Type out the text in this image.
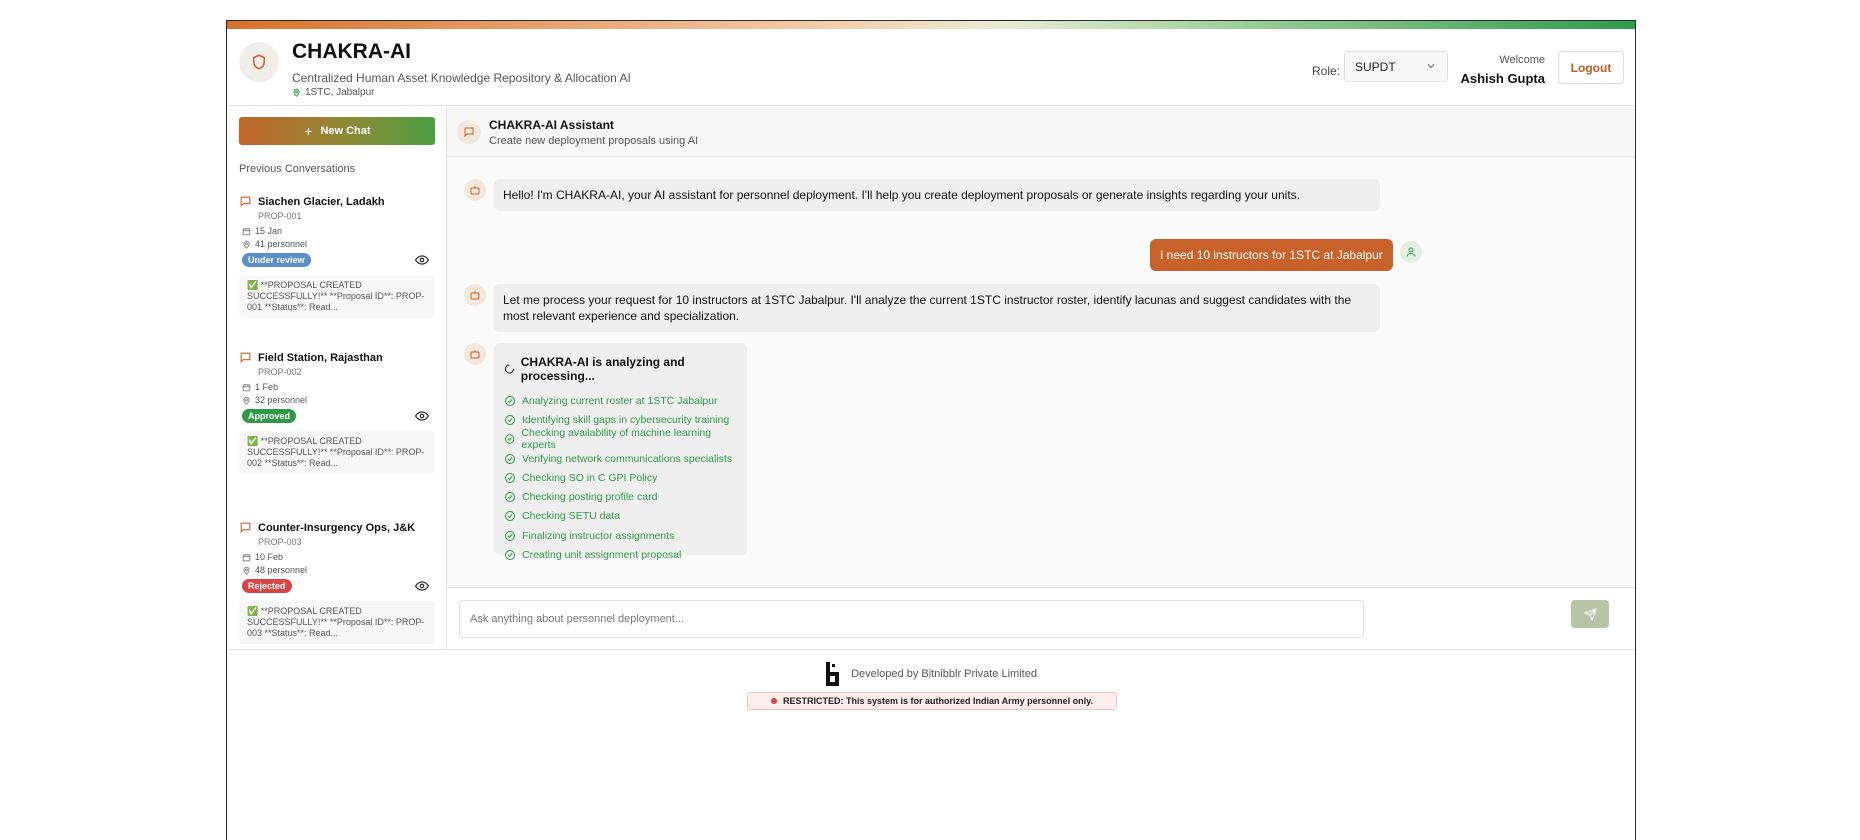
CHAKRA-AI
Centralized Human Asset Knowledge Repository & Allocation AI
1STC, Jabalpur
Role:	SUPDT	Welcome
Ashish Gupta
Logout
New Chat
Previous Conversations
Siachen Glacier, Ladakh
PROP-001
15 Jan
41 personnel
Under review
✅ **PROPOSAL CREATED SUCCESSFULLY!** **Proposal ID**: PROP-001 **Status**: Read...
Field Station, Rajasthan
PROP-002
1 Feb
32 personnel
Approved
✅ **PROPOSAL CREATED SUCCESSFULLY!** **Proposal ID**: PROP-002 **Status**: Read...
Counter-Insurgency Ops, J&K
PROP-003
10 Feb
48 personnel
Rejected
✅ **PROPOSAL CREATED SUCCESSFULLY!** **Proposal ID**: PROP-003 **Status**: Read...
CHAKRA-AI Assistant
Create new deployment proposals using AI
Hello! I'm CHAKRA-AI, your AI assistant for personnel deployment. I'll help you create deployment proposals or generate insights regarding your units.
I need 10 instructors for 1STC at Jabalpur
Let me process your request for 10 instructors at 1STC Jabalpur. I'll analyze the current 1STC instructor roster, identify lacunas and suggest candidates with the most relevant experience and specialization.
CHAKRA-AI is analyzing and processing...
Analyzing current roster at 1STC Jabalpur
Identifying skill gaps in cybersecurity training
Checking availability of machine learning experts
Verifying network communications specialists
Checking SO in C GPI Policy
Checking posting profile card
Checking SETU data
Finalizing instructor assignments
Creating unit assignment proposal
Ask anything about personnel deployment...
Developed by Bitnibblr Private Limited
RESTRICTED: This system is for authorized Indian Army personnel only.
